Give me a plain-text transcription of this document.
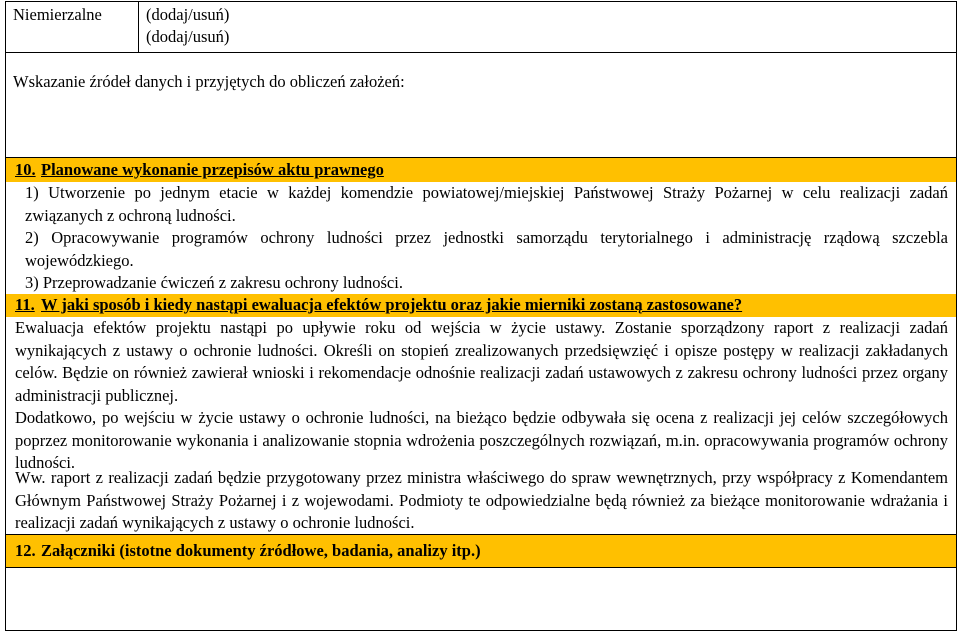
Niemierzalne	(dodaj/usuń)
(dodaj/usuń)
Wskazanie źródeł danych i przyjętych do obliczeń założeń:
10. Planowane wykonanie przepisów aktu prawnego
1) Utworzenie po jednym etacie w każdej komendzie powiatowej/miejskiej Państwowej Straży Pożarnej w celu realizacji zadań związanych z ochroną ludności.
2) Opracowywanie programów ochrony ludności przez jednostki samorządu terytorialnego i administrację rządową szczebla wojewódzkiego.
3) Przeprowadzanie ćwiczeń z zakresu ochrony ludności.
11. W jaki sposób i kiedy nastąpi ewaluacja efektów projektu oraz jakie mierniki zostaną zastosowane?
Ewaluacja efektów projektu nastąpi po upływie roku od wejścia w życie ustawy. Zostanie sporządzony raport z realizacji zadań wynikających z ustawy o ochronie ludności. Określi on stopień zrealizowanych przedsięwzięć i opisze postępy w realizacji zakładanych celów. Będzie on również zawierał wnioski i rekomendacje odnośnie realizacji zadań ustawowych z zakresu ochrony ludności przez organy administracji publicznej.
Dodatkowo, po wejściu w życie ustawy o ochronie ludności, na bieżąco będzie odbywała się ocena z realizacji jej celów szczegółowych poprzez monitorowanie wykonania i analizowanie stopnia wdrożenia poszczególnych rozwiązań, m.in. opracowywania programów ochrony ludności.
Ww. raport z realizacji zadań będzie przygotowany przez ministra właściwego do spraw wewnętrznych, przy współpracy z Komendantem Głównym Państwowej Straży Pożarnej i z wojewodami. Podmioty te odpowiedzialne będą również za bieżące monitorowanie wdrażania i realizacji zadań wynikających z ustawy o ochronie ludności.
12. Załączniki (istotne dokumenty źródłowe, badania, analizy itp.)
